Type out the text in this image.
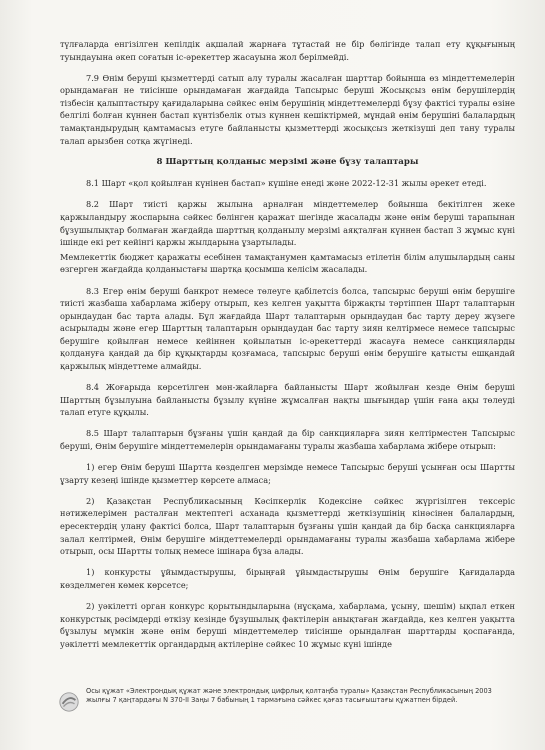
түлғаларда енгізілген кепілдік ақшалай жарнаға тұтастай не бір бөлігінде талап ету құқығының туындауына әкеп соғатын іс-әрекеттер жасауына жол берілмейді.

7.9 Өнім беруші қызметтерді сатып алу туралы жасалған шарттар бойынша өз міндеттемелерін орындамаған не тиісінше орындамаған жағдайда Тапсырыс беруші Жосықсыз өнім берушілердің тізбесін қалыптастыру қағидаларына сәйкес өнім берушінің міндеттемелерді бұзу фактісі туралы өзіне белгілі болған күннен бастап күнтізбелік отыз күннен кешіктірмей, мұндай өнім берушіні балалардың тамақтандырудың қамтамасыз етуге байланысты қызметтерді жосықсыз жеткізуші деп тану туралы талап арызбен сотқа жүгінеді.

8 Шарттың қолданыс мерзімі және бұзу талаптары

8.1 Шарт «қол қойылған күнінен бастап» күшіне енеді және 2022-12-31 жылы әрекет етеді.

8.2 Шарт тиісті қаржы жылына арналған міндеттемелер бойынша бекітілген жеке қаржыландыру жоспарына сәйкес бөлінген қаражат шегінде жасалады және өнім беруші тарапынан бұзушылықтар болмаған жағдайда шарттың қолданылу мерзімі аяқталған күннен бастап 3 жұмыс күні ішінде екі рет кейінгі қаржы жылдарына ұзартылады.

Мемлекеттік бюджет қаражаты есебінен тамақтанумен қамтамасыз етілетін білім алушылардың саны өзгерген жағдайда қолданыстағы шартқа қосымша келісім жасалады.

8.3 Егер өнім беруші банкрот немесе төлеуге қабілетсіз болса, тапсырыс беруші өнім берушіге тиісті жазбаша хабарлама жіберу отырып, кез келген уақытта біржақты тәртіппен Шарт талаптарын орындаудан бас тарта алады. Бұл жағдайда Шарт талаптарын орындаудан бас тарту дереу жүзеге асырылады және егер Шарттың талаптарын орындаудан бас тарту зиян келтірмесе немесе тапсырыс берушіге қойылған немесе кейіннен қойылатын іс-әрекеттерді жасауға немесе санкцияларды қолдануға қандай да бір құқықтарды қозғамаса, тапсырыс беруші өнім берушіге қатысты ешқандай қаржылық міндеттеме алмайды.

8.4 Жоғарыда көрсетілген мән-жайларға байланысты Шарт жойылған кезде Өнім беруші Шарттың бұзылуына байланысты бұзылу күніне жұмсалған нақты шығындар үшін ғана ақы төлеуді талап етуге құқылы.

8.5 Шарт талаптарын бұзғаны үшін қандай да бір санкцияларға зиян келтірместен Тапсырыс беруші, Өнім берушіге міндеттемелерін орындамағаны туралы жазбаша хабарлама жібере отырып:

1) егер Өнім беруші Шартта көзделген мерзімде немесе Тапсырыс беруші ұсынған осы Шартты ұзарту кезеңі ішінде қызметтер көрсете алмаса;

2) Қазақстан Республикасының Кәсіпкерлік Кодексіне сәйкес жүргізілген тексеріс нәтижелерімен расталған мектептегі асханада қызметтерді жеткізушінің кінәсінен балалардың, ересектердің улану фактісі болса, Шарт талаптарын бұзғаны үшін қандай да бір басқа санкцияларға залал келтірмей, Өнім берушіге міндеттемелерді орындамағаны туралы жазбаша хабарлама жібере отырып, осы Шартты толық немесе ішінара бұза алады.

1) конкурсты ұйымдастырушы, бірыңғай ұйымдастырушы Өнім берушіге Қағидаларда көзделмеген көмек көрсетсе;

2) уәкілетті орган конкурс қорытындыларына (нұсқама, хабарлама, ұсыну, шешім) ықпал еткен конкурстық рәсімдерді өткізу кезінде бұзушылық фактілерін анықтаған жағдайда, кез келген уақытта бұзылуы мүмкін және өнім беруші міндеттемелер тиісінше орындалған шарттарды қоспағанда, уәкілетті мемлекеттік органдардың актілеріне сәйкес 10 жұмыс күні ішінде

Осы құжат «Электрондық құжат және электрондық цифрлық қолтаңба туралы» Қазақстан Республикасының 2003 жылғы 7 қаңтардағы N 370-II Заңы 7 бабының 1 тармағына сәйкес қағаз тасығыштағы құжатпен бірдей.
